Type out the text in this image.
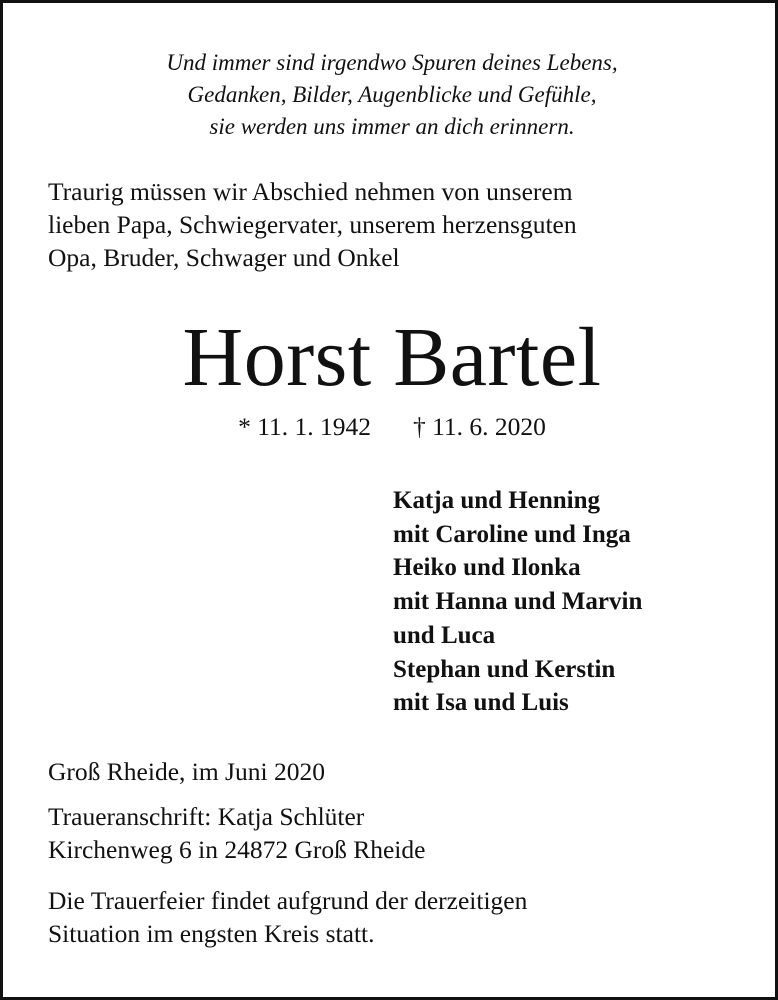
Und immer sind irgendwo Spuren deines Lebens,
Gedanken, Bilder, Augenblicke und Gefühle,
sie werden uns immer an dich erinnern.
Traurig müssen wir Abschied nehmen von unserem
lieben Papa, Schwiegervater, unserem herzensguten
Opa, Bruder, Schwager und Onkel
Horst Bartel
* 11. 1. 1942 † 11. 6. 2020
Katja und Henning
mit Caroline und Inga
Heiko und Ilonka
mit Hanna und Marvin
und Luca
Stephan und Kerstin
mit Isa und Luis
Groß Rheide, im Juni 2020
Traueranschrift: Katja Schlüter
Kirchenweg 6 in 24872 Groß Rheide
Die Trauerfeier findet aufgrund der derzeitigen
Situation im engsten Kreis statt.
